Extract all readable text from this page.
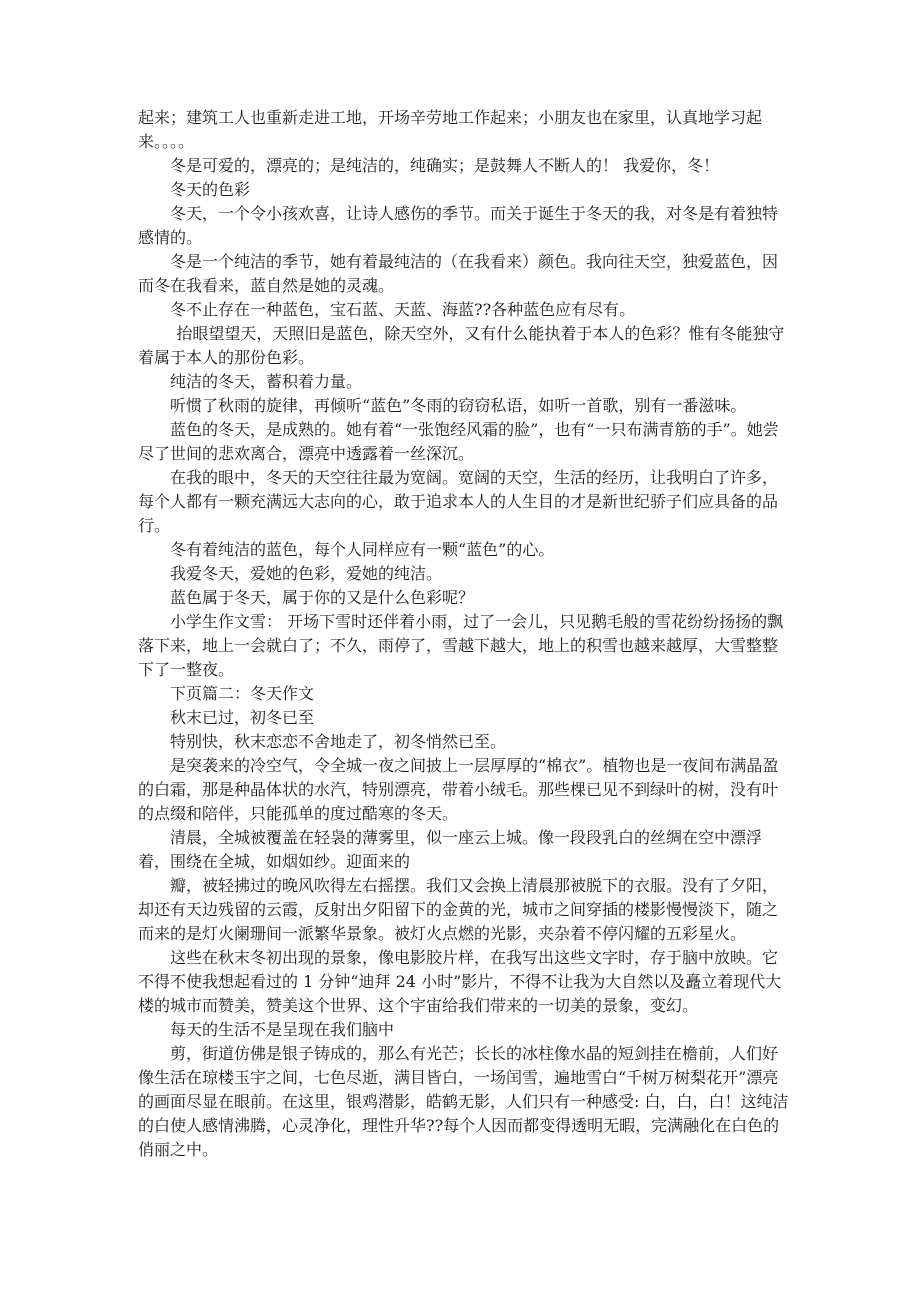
起来；建筑工人也重新走进工地，开场辛劳地工作起来；小朋友也在家里，认真地学习起来。。。。

冬是可爱的，漂亮的；是纯洁的，纯确实；是鼓舞人不断人的！ 我爱你，冬！

冬天的色彩

冬天，一个令小孩欢喜，让诗人感伤的季节。而关于诞生于冬天的我，对冬是有着独特感情的。

冬是一个纯洁的季节，她有着最纯洁的（在我看来）颜色。我向往天空，独爱蓝色，因而冬在我看来，蓝自然是她的灵魂。

冬不止存在一种蓝色，宝石蓝、天蓝、海蓝??各种蓝色应有尽有。

抬眼望望天，天照旧是蓝色，除天空外，又有什么能执着于本人的色彩？惟有冬能独守着属于本人的那份色彩。

纯洁的冬天，蓄积着力量。

听惯了秋雨的旋律，再倾听“蓝色”冬雨的窃窃私语，如听一首歌，别有一番滋味。

蓝色的冬天，是成熟的。她有着“一张饱经风霜的脸”，也有“一只布满青筋的手”。她尝尽了世间的悲欢离合，漂亮中透露着一丝深沉。

在我的眼中，冬天的天空往往最为宽阔。宽阔的天空，生活的经历，让我明白了许多，每个人都有一颗充满远大志向的心，敢于追求本人的人生目的才是新世纪骄子们应具备的品行。

冬有着纯洁的蓝色，每个人同样应有一颗“蓝色”的心。

我爱冬天，爱她的色彩，爱她的纯洁。

蓝色属于冬天，属于你的又是什么色彩呢？

小学生作文雪： 开场下雪时还伴着小雨，过了一会儿，只见鹅毛般的雪花纷纷扬扬的飘落下来，地上一会就白了；不久，雨停了，雪越下越大，地上的积雪也越来越厚，大雪整整下了一整夜。

下页篇二：冬天作文

秋末已过，初冬已至

特别快，秋末恋恋不舍地走了，初冬悄然已至。

是突袭来的冷空气，令全城一夜之间披上一层厚厚的“棉衣”。植物也是一夜间布满晶盈的白霜，那是种晶体状的水汽，特别漂亮，带着小绒毛。那些棵已见不到绿叶的树，没有叶的点缀和陪伴，只能孤单的度过酷寒的冬天。

清晨，全城被覆盖在轻袅的薄雾里，似一座云上城。像一段段乳白的丝绸在空中漂浮着，围绕在全城，如烟如纱。迎面来的

瓣，被轻拂过的晚风吹得左右摇摆。我们又会换上清晨那被脱下的衣服。没有了夕阳，却还有天边残留的云霞，反射出夕阳留下的金黄的光，城市之间穿插的楼影慢慢淡下，随之而来的是灯火阑珊间一派繁华景象。被灯火点燃的光影，夹杂着不停闪耀的五彩星火。

这些在秋末冬初出现的景象，像电影胶片样，在我写出这些文字时，存于脑中放映。它不得不使我想起看过的 1 分钟“迪拜 24 小时”影片，不得不让我为大自然以及矗立着现代大楼的城市而赞美，赞美这个世界、这个宇宙给我们带来的一切美的景象，变幻。

每天的生活不是呈现在我们脑中

剪，街道仿佛是银子铸成的，那么有光芒；长长的冰柱像水晶的短剑挂在檐前，人们好像生活在琼楼玉宇之间，七色尽逝，满目皆白，一场闰雪，遍地雪白“千树万树梨花开”漂亮的画面尽显在眼前。在这里，银鸡潜影，皓鹤无影，人们只有一种感受: 白，白，白！这纯洁的白使人感情沸腾，心灵净化，理性升华??每个人因而都变得透明无暇，完满融化在白色的俏丽之中。
